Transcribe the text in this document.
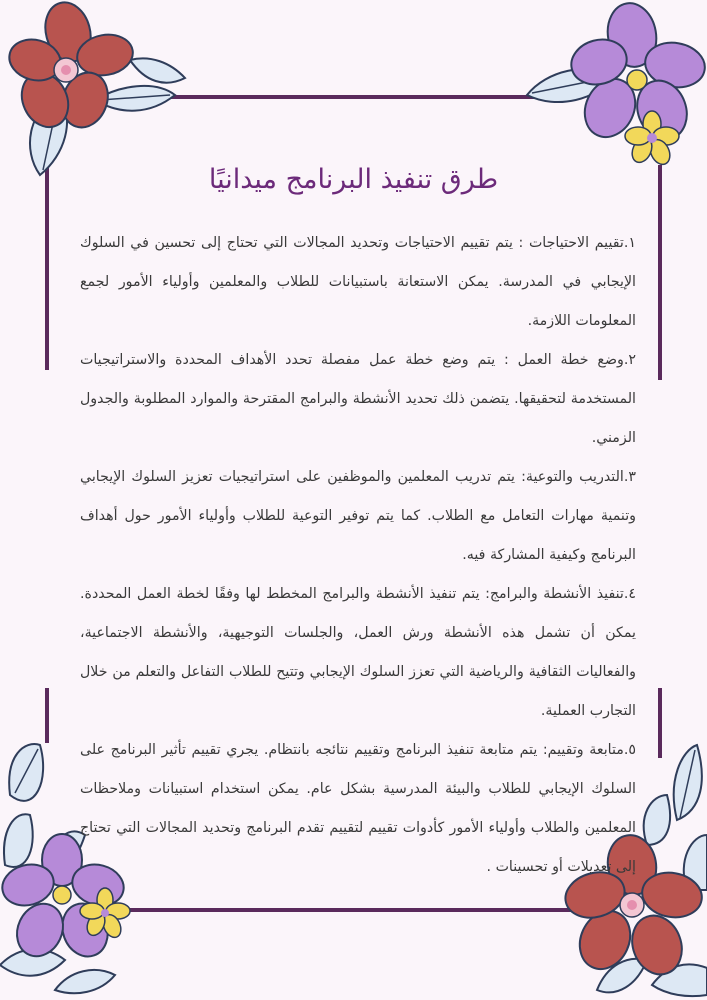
طرق تنفيذ البرنامج ميدانيًا

١.تقييم الاحتياجات : يتم تقييم الاحتياجات وتحديد المجالات التي تحتاج إلى تحسين في السلوك الإيجابي في المدرسة. يمكن الاستعانة باستبيانات للطلاب والمعلمين وأولياء الأمور لجمع المعلومات اللازمة.

٢.وضع خطة العمل : يتم وضع خطة عمل مفصلة تحدد الأهداف المحددة والاستراتيجيات المستخدمة لتحقيقها. يتضمن ذلك تحديد الأنشطة والبرامج المقترحة والموارد المطلوبة والجدول الزمني.

٣.التدريب والتوعية: يتم تدريب المعلمين والموظفين على استراتيجيات تعزيز السلوك الإيجابي وتنمية مهارات التعامل مع الطلاب. كما يتم توفير التوعية للطلاب وأولياء الأمور حول أهداف البرنامج وكيفية المشاركة فيه.

٤.تنفيذ الأنشطة والبرامج: يتم تنفيذ الأنشطة والبرامج المخطط لها وفقًا لخطة العمل المحددة. يمكن أن تشمل هذه الأنشطة ورش العمل، والجلسات التوجيهية، والأنشطة الاجتماعية، والفعاليات الثقافية والرياضية التي تعزز السلوك الإيجابي وتتيح للطلاب التفاعل والتعلم من خلال التجارب العملية.

٥.متابعة وتقييم: يتم متابعة تنفيذ البرنامج وتقييم نتائجه بانتظام. يجري تقييم تأثير البرنامج على السلوك الإيجابي للطلاب والبيئة المدرسية بشكل عام. يمكن استخدام استبيانات وملاحظات المعلمين والطلاب وأولياء الأمور كأدوات تقييم لتقييم تقدم البرنامج وتحديد المجالات التي تحتاج إلى تعديلات أو تحسينات .
